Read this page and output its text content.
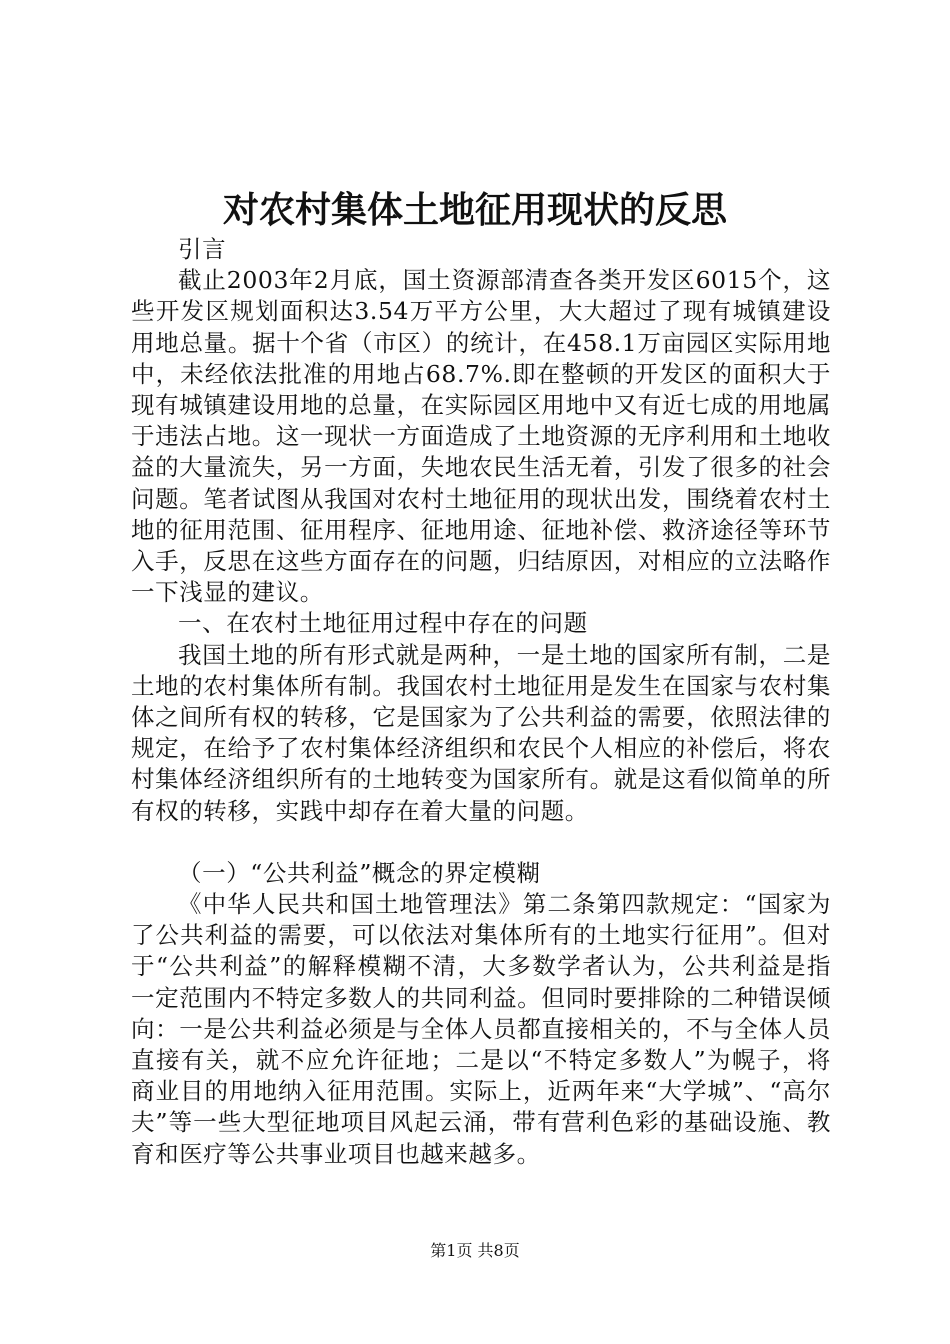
对农村集体土地征用现状的反思

引言

截止2003年2月底，国土资源部清查各类开发区6015个，这些开发区规划面积达3.54万平方公里，大大超过了现有城镇建设用地总量。据十个省（市区）的统计，在458.1万亩园区实际用地中，未经依法批准的用地占68.7%.即在整顿的开发区的面积大于现有城镇建设用地的总量，在实际园区用地中又有近七成的用地属于违法占地。这一现状一方面造成了土地资源的无序利用和土地收益的大量流失，另一方面，失地农民生活无着，引发了很多的社会问题。笔者试图从我国对农村土地征用的现状出发，围绕着农村土地的征用范围、征用程序、征地用途、征地补偿、救济途径等环节入手，反思在这些方面存在的问题，归结原因，对相应的立法略作一下浅显的建议。

一、在农村土地征用过程中存在的问题

我国土地的所有形式就是两种，一是土地的国家所有制，二是土地的农村集体所有制。我国农村土地征用是发生在国家与农村集体之间所有权的转移，它是国家为了公共利益的需要，依照法律的规定，在给予了农村集体经济组织和农民个人相应的补偿后，将农村集体经济组织所有的土地转变为国家所有。就是这看似简单的所有权的转移，实践中却存在着大量的问题。

（一）“公共利益”概念的界定模糊

《中华人民共和国土地管理法》第二条第四款规定：“国家为了公共利益的需要，可以依法对集体所有的土地实行征用”。但对于“公共利益”的解释模糊不清，大多数学者认为，公共利益是指一定范围内不特定多数人的共同利益。但同时要排除的二种错误倾向：一是公共利益必须是与全体人员都直接相关的，不与全体人员直接有关，就不应允许征地；二是以“不特定多数人”为幌子，将商业目的用地纳入征用范围。实际上，近两年来“大学城”、“高尔夫”等一些大型征地项目风起云涌，带有营利色彩的基础设施、教育和医疗等公共事业项目也越来越多。

第1页 共8页
